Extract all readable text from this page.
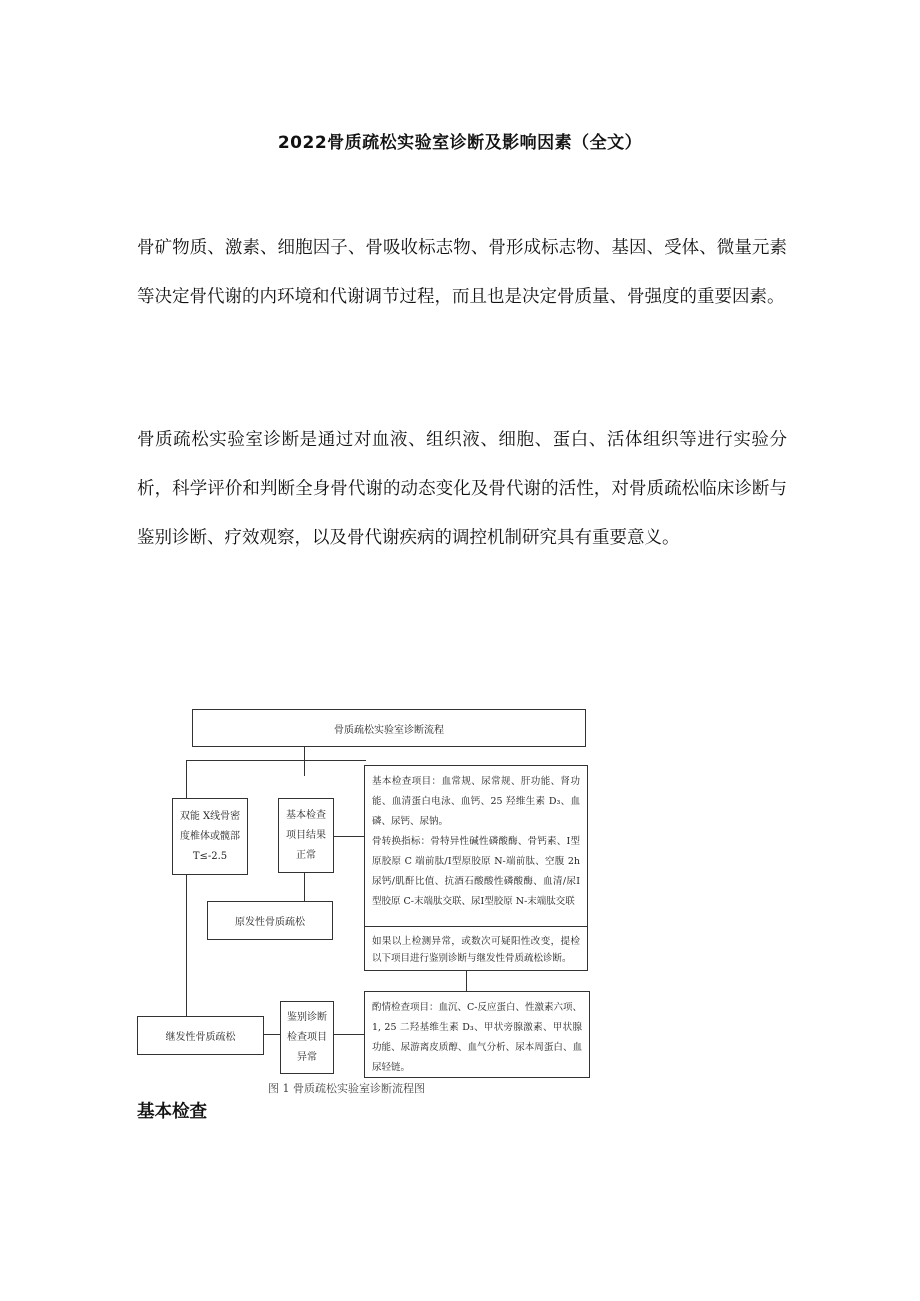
2022骨质疏松实验室诊断及影响因素（全文）
骨矿物质、激素、细胞因子、骨吸收标志物、骨形成标志物、基因、受体、微量元素等决定骨代谢的内环境和代谢调节过程，而且也是决定骨质量、骨强度的重要因素。
骨质疏松实验室诊断是通过对血液、组织液、细胞、蛋白、活体组织等进行实验分析，科学评价和判断全身骨代谢的动态变化及骨代谢的活性，对骨质疏松临床诊断与鉴别诊断、疗效观察，以及骨代谢疾病的调控机制研究具有重要意义。
骨质疏松实验室诊断流程
双能 X线骨密度椎体或髋部 T≤-2.5
基本检查项目结果正常
原发性骨质疏松
基本检查项目：血常规、尿常规、肝功能、肾功能、血清蛋白电泳、血钙、25 羟维生素 D₃、血磷、尿钙、尿钠。
骨转换指标：骨特异性碱性磷酸酶、骨钙素、Ⅰ型原胶原 C 端前肽/Ⅰ型原胶原 N-端前肽、空腹 2h 尿钙/肌酐比值、抗酒石酸酸性磷酸酶、血清/尿Ⅰ型胶原 C-末端肽交联、尿Ⅰ型胶原 N-末端肽交联
如果以上检测异常，或数次可疑阳性改变，提检以下项目进行鉴别诊断与继发性骨质疏松诊断。
继发性骨质疏松
鉴别诊断检查项目异常
酌情检查项目：血沉、C-反应蛋白、性激素六项、1, 25 二羟基维生素 D₃、甲状旁腺激素、甲状腺功能、尿游离皮质醇、血气分析、尿本周蛋白、血尿轻链。
图 1 骨质疏松实验室诊断流程图
基本检查
